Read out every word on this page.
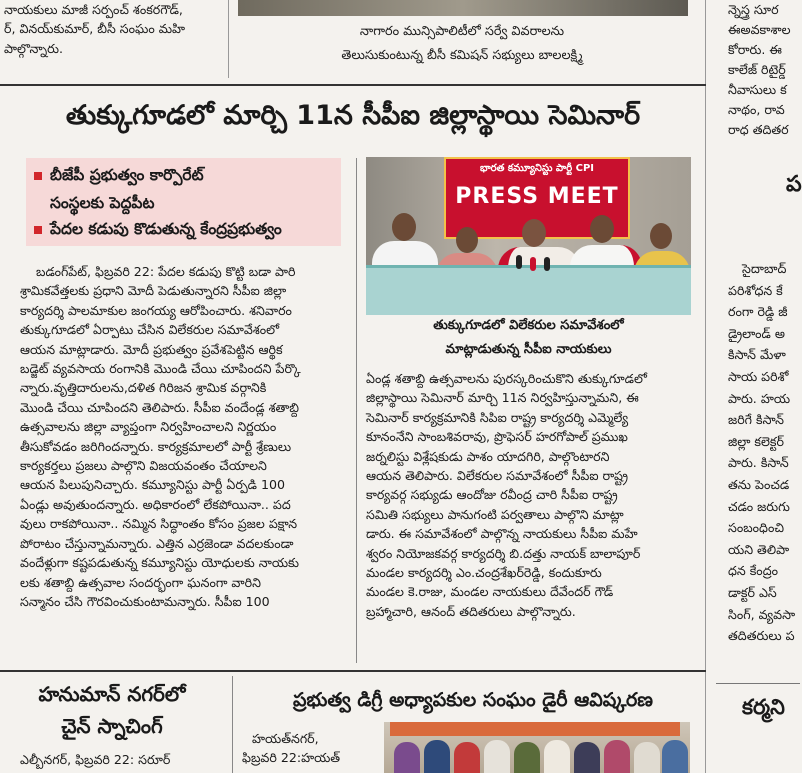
నాయకులు మాజీ సర్పంచ్ శంకరగౌడ్,
ర్, వినయ్‌కుమార్, బీసీ సంఘం మహి
పాల్గొన్నారు.
నాగారం మున్సిపాలిటీలో సర్వే వివరాలను
తెలుసుకుంటున్న బీసీ కమిషన్ సభ్యులు బాలలక్ష్మి
న్నెస్త్ర సూర
ఈఅవకాశాల
కోరారు. ఈ
కాలేజ్ రిటైర్డ్
నీవాసులు క
నాథం, రావ
రాధ తదితర
ప
సైదాబాద్
పరిశోధన కే
రంగా రెడ్డి జీ
డ్రైలాండ్ అ
కిసాన్ మేళా
సాయ పరిశో
పారు. హయ
జరిగే కిసాన్
జిల్లా కలెక్టర్
పారు. కిసాన్
తను పెంచడ
చడం జరుగు
సంబంధించి
యని తెలిపా
ధన కేంద్రం
డాక్టర్ ఎస్
సింగ్, వ్యవసా
తదితరులు ప
కర్మని
తుక్కుగూడలో మార్చి 11న సీపీఐ జిల్లాస్థాయి సెమినార్
బీజేపీ ప్రభుత్వం కార్పొరేట్
సంస్థలకు పెద్దపీట
పేదల కడుపు కొడుతున్న కేంద్రప్రభుత్వం
బడంగ్‌పేట్, ఫిబ్రవరి 22: పేదల కడుపు కొట్టి బడా పారి
శ్రామికవేత్తలకు ప్రధాని మోదీ పెడుతున్నారని సీపీఐ జిల్లా
కార్యదర్శి పాలమాకుల జంగయ్య ఆరోపించారు. శనివారం
తుక్కుగూడలో ఏర్పాటు చేసిన విలేకరుల సమావేశంలో
ఆయన మాట్లాడారు. మోదీ ప్రభుత్వం ప్రవేశపెట్టిన ఆర్థిక
బడ్జెట్ వ్యవసాయ రంగానికి మొండి చేయి చూపిందని పేర్కొ
న్నారు.వృత్తిదారులను,దళిత గిరిజన శ్రామిక వర్గానికి
మొండి చేయి చూపిందని తెలిపారు. సీపీఐ వందేండ్ల శతాబ్ది
ఉత్సవాలను జిల్లా వ్యాప్తంగా నిర్వహించాలని నిర్ణయం
తీసుకోవడం జరిగిందన్నారు. కార్యక్రమాలలో పార్టీ శ్రేణులు
కార్యకర్తలు ప్రజలు పాల్గొని విజయవంతం చేయాలని
ఆయన పిలుపునిచ్చారు. కమ్యూనిస్టు పార్టీ ఏర్పడి 100
ఏండ్లు అవుతుందన్నారు. అధికారంలో లేకపోయినా.. పద
వులు రాకపోయినా.. నమ్మిన సిద్ధాంతం కోసం ప్రజల పక్షాన
పోరాటం చేస్తున్నామన్నారు. ఎత్తిన ఎర్రజెండా వదలకుండా
వందేళ్లుగా కష్టపడుతున్న కమ్యూనిస్టు యోధులకు నాయకు
లకు శతాబ్ది ఉత్సవాల సందర్భంగా ఘనంగా వారిని
సన్మానం చేసి గౌరవించుకుంటామన్నారు. సీపీఐ 100
భారత కమ్యూనిస్టు పార్టీ CPI
PRESS MEET
తుక్కుగూడలో విలేకరుల సమావేశంలో
మాట్లాడుతున్న సీపీఐ నాయకులు
ఏండ్ల శతాబ్ది ఉత్సవాలను పురస్కరించుకొని తుక్కుగూడలో
జిల్లాస్థాయి సెమినార్ మార్చి 11న నిర్వహిస్తున్నామని, ఈ
సెమినార్ కార్యక్రమానికి సిపిఐ రాష్ట్ర కార్యదర్శి ఎమ్మెల్యే
కూనంనేని సాంబశివరావు, ప్రొఫెసర్ హరగోపాల్ ప్రముఖ
జర్నలిస్టు విశ్లేషకుడు పాశం యాదగిరి, పాల్గొంటారని
ఆయన తెలిపారు. విలేకరుల సమావేశంలో సీపీఐ రాష్ట్ర
కార్యవర్గ సభ్యుడు ఆందోజు రవీంద్ర చారి సీపీఐ రాష్ట్ర
సమితి సభ్యులు పానుగంటి పర్వతాలు పాల్గొని మాట్లా
డారు. ఈ సమావేశంలో పాల్గొన్న నాయకులు సీపీఐ మహే
శ్వరం నియోజకవర్గ కార్యదర్శి బి.దత్తు నాయక్ బాలాపూర్
మండల కార్యదర్శి ఎం.చంద్రశేఖర్‌రెడ్డి, కందుకూరు
మండల కె.రాజు, మండల నాయకులు దేవేందర్ గౌడ్
బ్రహ్మాచారి, ఆనంద్ తదితరులు పాల్గొన్నారు.
హనుమాన్ నగర్‌లో
చైన్ స్నాచింగ్
ఎల్బీనగర్, ఫిబ్రవరి 22: సరూర్
ప్రభుత్వ డిగ్రీ అధ్యాపకుల సంఘం డైరీ ఆవిష్కరణ
హయత్‌నగర్,
ఫిబ్రవరి 22:హయత్
